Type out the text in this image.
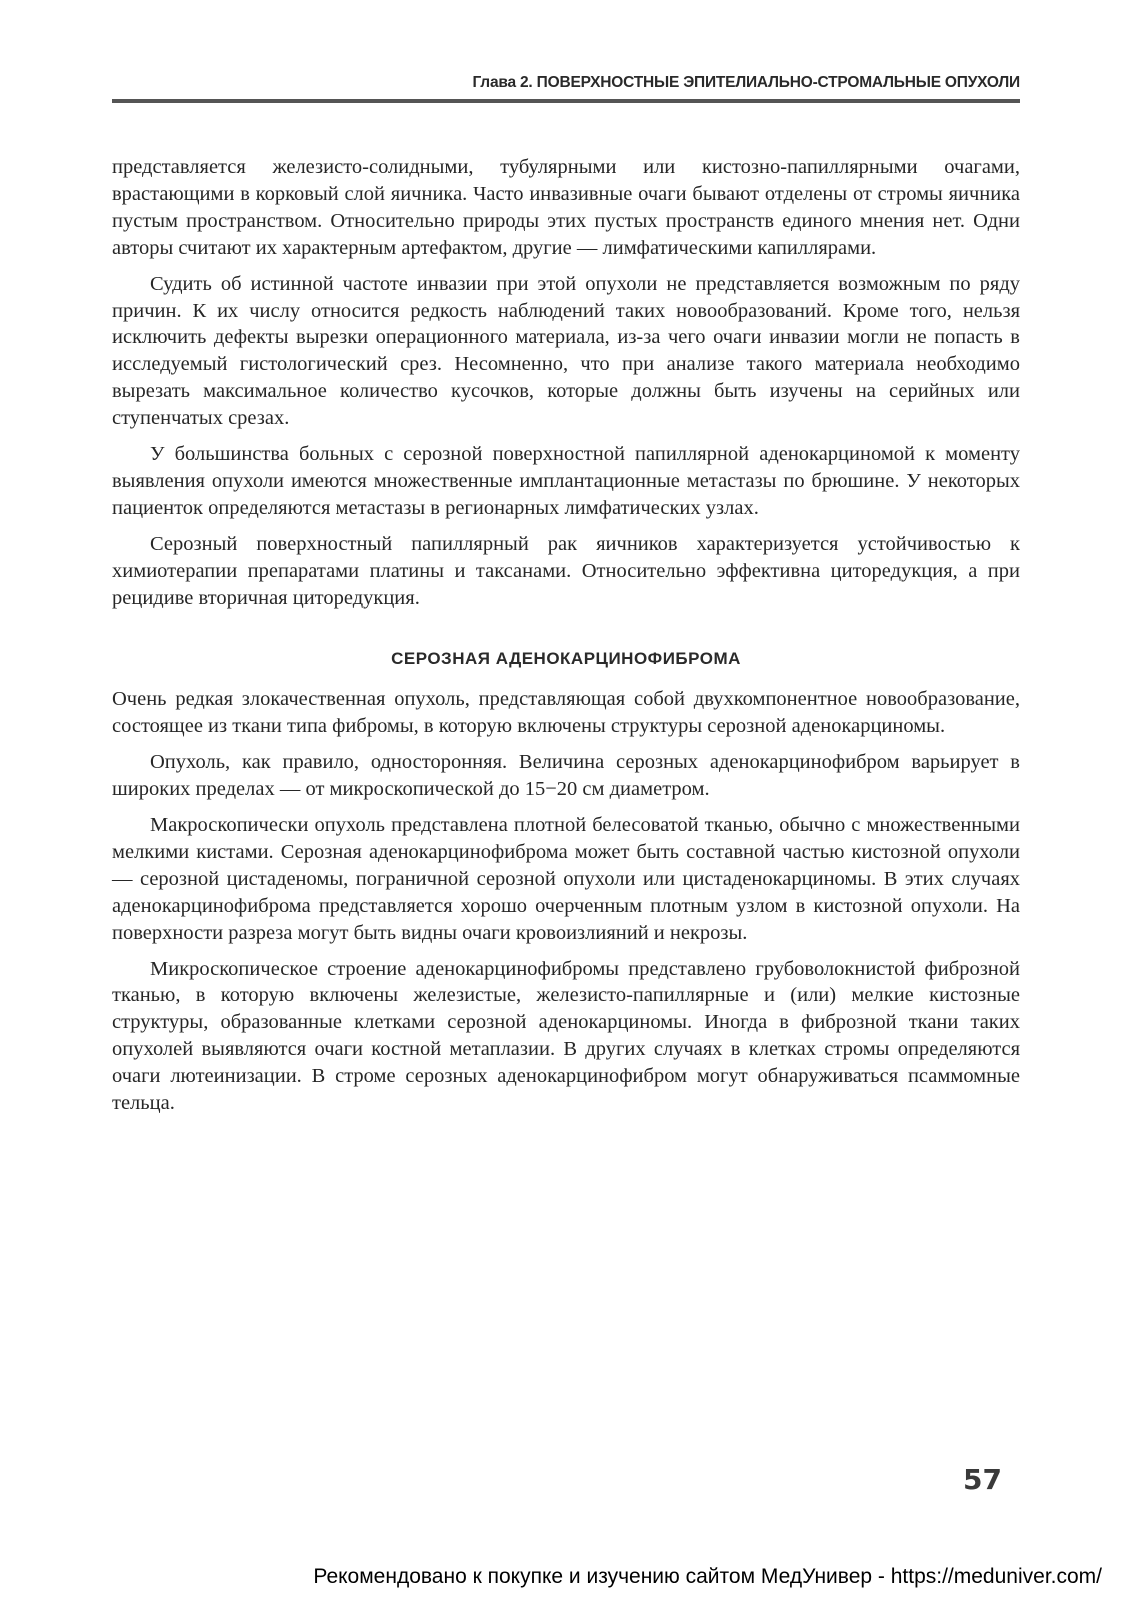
Глава 2. ПОВЕРХНОСТНЫЕ ЭПИТЕЛИАЛЬНО-СТРОМАЛЬНЫЕ ОПУХОЛИ

представляется железисто-солидными, тубулярными или кистозно-папиллярными очагами, врастающими в корковый слой яичника. Часто инвазивные очаги бывают отделены от стромы яичника пустым пространством. Относительно природы этих пустых пространств единого мнения нет. Одни авторы считают их характерным артефактом, другие — лимфатическими капиллярами.

Судить об истинной частоте инвазии при этой опухоли не представляется возможным по ряду причин. К их числу относится редкость наблюдений таких новообразований. Кроме того, нельзя исключить дефекты вырезки операционного материала, из-за чего очаги инвазии могли не попасть в исследуемый гистологический срез. Несомненно, что при анализе такого материала необходимо вырезать максимальное количество кусочков, которые должны быть изучены на серийных или ступенчатых срезах.

У большинства больных с серозной поверхностной папиллярной аденокарциномой к моменту выявления опухоли имеются множественные имплантационные метастазы по брюшине. У некоторых пациенток определяются метастазы в регионарных лимфатических узлах.

Серозный поверхностный папиллярный рак яичников характеризуется устойчивостью к химиотерапии препаратами платины и таксанами. Относительно эффективна циторедукция, а при рецидиве вторичная циторедукция.

СЕРОЗНАЯ АДЕНОКАРЦИНОФИБРОМА

Очень редкая злокачественная опухоль, представляющая собой двухкомпонентное новообразование, состоящее из ткани типа фибромы, в которую включены структуры серозной аденокарциномы.

Опухоль, как правило, односторонняя. Величина серозных аденокарцинофибром варьирует в широких пределах — от микроскопической до 15−20 см диаметром.

Макроскопически опухоль представлена плотной белесоватой тканью, обычно с множественными мелкими кистами. Серозная аденокарцинофиброма может быть составной частью кистозной опухоли — серозной цистаденомы, пограничной серозной опухоли или цистаденокарциномы. В этих случаях аденокарцинофиброма представляется хорошо очерченным плотным узлом в кистозной опухоли. На поверхности разреза могут быть видны очаги кровоизлияний и некрозы.

Микроскопическое строение аденокарцинофибромы представлено грубоволокнистой фиброзной тканью, в которую включены железистые, железисто-папиллярные и (или) мелкие кистозные структуры, образованные клетками серозной аденокарциномы. Иногда в фиброзной ткани таких опухолей выявляются очаги костной метаплазии. В других случаях в клетках стромы определяются очаги лютеинизации. В строме серозных аденокарцинофибром могут обнаруживаться псаммомные тельца.

57
Рекомендовано к покупке и изучению сайтом МедУнивер - https://meduniver.com/
